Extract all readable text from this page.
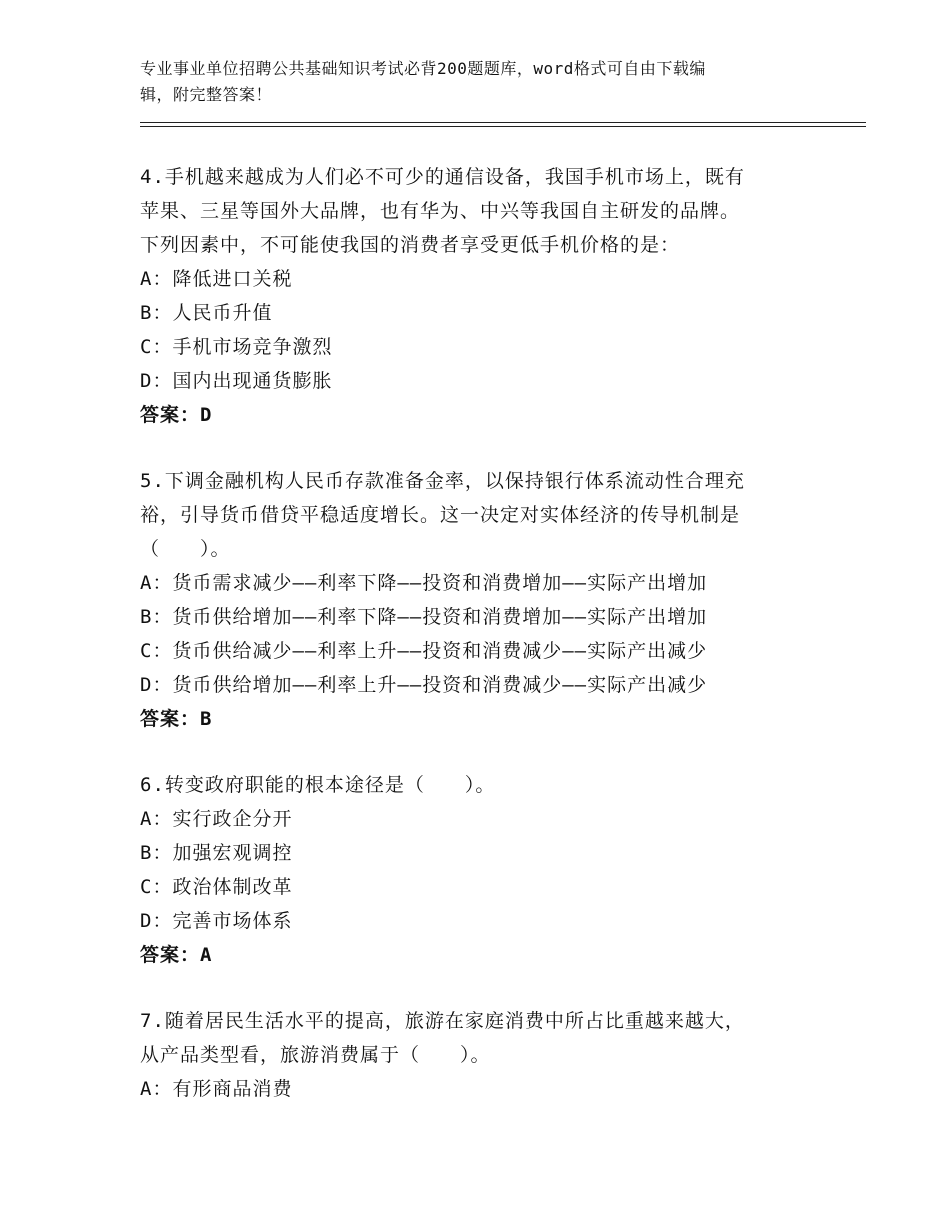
专业事业单位招聘公共基础知识考试必背200题题库，word格式可自由下载编
辑，附完整答案！
4.手机越来越成为人们必不可少的通信设备，我国手机市场上，既有
苹果、三星等国外大品牌，也有华为、中兴等我国自主研发的品牌。
下列因素中，不可能使我国的消费者享受更低手机价格的是：
A：降低进口关税
B：人民币升值
C：手机市场竞争激烈
D：国内出现通货膨胀
答案：D
5.下调金融机构人民币存款准备金率，以保持银行体系流动性合理充
裕，引导货币借贷平稳适度增长。这一决定对实体经济的传导机制是
（　　）。
A：货币需求减少——利率下降——投资和消费增加——实际产出增加
B：货币供给增加——利率下降——投资和消费增加——实际产出增加
C：货币供给减少——利率上升——投资和消费减少——实际产出减少
D：货币供给增加——利率上升——投资和消费减少——实际产出减少
答案：B
6.转变政府职能的根本途径是（　　）。
A：实行政企分开
B：加强宏观调控
C：政治体制改革
D：完善市场体系
答案：A
7.随着居民生活水平的提高，旅游在家庭消费中所占比重越来越大，
从产品类型看，旅游消费属于（　　）。
A：有形商品消费
